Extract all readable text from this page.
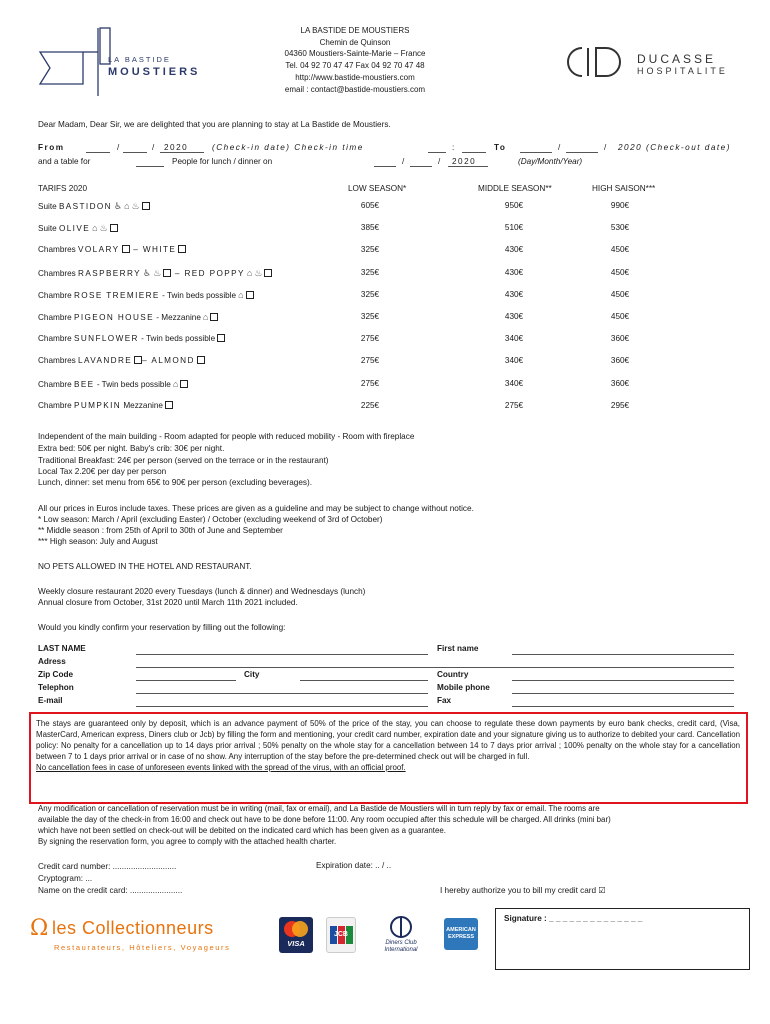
LA BASTIDE
MOUSTIERS
LA BASTIDE DE MOUSTIERS
Chemin de Quinson
04360 Moustiers-Sainte-Marie – France
Tel. 04 92 70 47 47 Fax 04 92 70 47 48
http://www.bastide-moustiers.com
email : contact@bastide-moustiers.com
DUCASSE
HOSPITALITE
Dear Madam, Dear Sir, we are delighted that you are planning to stay at La Bastide de Moustiers.
From	/	/ 2020	(Check-in date) Check-in time	:	To	/	/ 2020 (Check-out date)
and a table for	People for lunch / dinner on	/	/ 2020	(Day/Month/Year)
TARIFS 2020	LOW SEASON*	MIDDLE SEASON**	HIGH SAISON***
Suite BASTIDON ♿ ⌂ ♨	605€	950€	990€
Suite OLIVE ⌂ ♨	385€	510€	530€
Chambres VOLARY – WHITE	325€	430€	450€
Chambres RASPBERRY ♿ ♨ – RED POPPY ⌂ ♨	325€	430€	450€
Chambre ROSE TREMIERE - Twin beds possible ⌂	325€	430€	450€
Chambre PIGEON HOUSE - Mezzanine ⌂	325€	430€	450€
Chambre SUNFLOWER - Twin beds possible	275€	340€	360€
Chambres LAVANDRE – ALMOND	275€	340€	360€
Chambre BEE - Twin beds possible ⌂	275€	340€	360€
Chambre PUMPKIN Mezzanine	225€	275€	295€
Independent of the main building - Room adapted for people with reduced mobility - Room with fireplace
Extra bed: 50€ per night. Baby's crib: 30€ per night.
Traditional Breakfast: 24€ per person (served on the terrace or in the restaurant)
Local Tax 2.20€ per day per person
Lunch, dinner: set menu from 65€ to 90€ per person (excluding beverages).
All our prices in Euros include taxes. These prices are given as a guideline and may be subject to change without notice.
* Low season: March / April (excluding Easter) / October (excluding weekend of 3rd of October)
** Middle season : from 25th of April to 30th of June and September
*** High season: July and August
NO PETS ALLOWED IN THE HOTEL AND RESTAURANT.
Weekly closure restaurant 2020 every Tuesdays (lunch & dinner) and Wednesdays (lunch)
Annual closure from October, 31st 2020 until March 11th 2021 included.
Would you kindly confirm your reservation by filling out the following:
LAST NAME	First name
Adress
Zip Code	City	Country
Telephon	Mobile phone
E-mail	Fax
The stays are guaranteed only by deposit, which is an advance payment of 50% of the price of the stay, you can choose to regulate these down payments by euro bank checks, credit card, (Visa, MasterCard, American express, Diners club or Jcb) by filling the form and mentioning, your credit card number, expiration date and your signature giving us to authorize to debited your card. Cancellation policy: No penalty for a cancellation up to 14 days prior arrival ; 50% penalty on the whole stay for a cancellation between 14 to 7 days prior arrival ; 100% penalty on the whole stay for a cancellation between 7 to 1 days prior arrival or in case of no show. Any interruption of the stay before the pre-determined check out will be charged in full.
No cancellation fees in case of unforeseen events linked with the spread of the virus, with an official proof.
Any modification or cancellation of reservation must be in writing (mail, fax or email), and La Bastide de Moustiers will in turn reply by fax or email. The rooms are
available the day of the check-in from 16:00 and check out have to be done before 11:00. Any room occupied after this schedule will be charged. All drinks (mini bar)
which have not been settled on check-out will be debited on the indicated card which has been given as a guarantee.
By signing the reservation form, you agree to comply with the attached health charter.
Credit card number: ............................	Expiration date: .. / ..
Cryptogram: ...
Name on the credit card: .......................	I hereby authorize you to bill my credit card ☑
Ω les Collectionneurs
Restaurateurs, Hôteliers, Voyageurs	VISA
JCB
Diners Club International
AMERICAN EXPRESS
Signature : _ _ _ _ _ _ _ _ _ _ _ _ _ _
